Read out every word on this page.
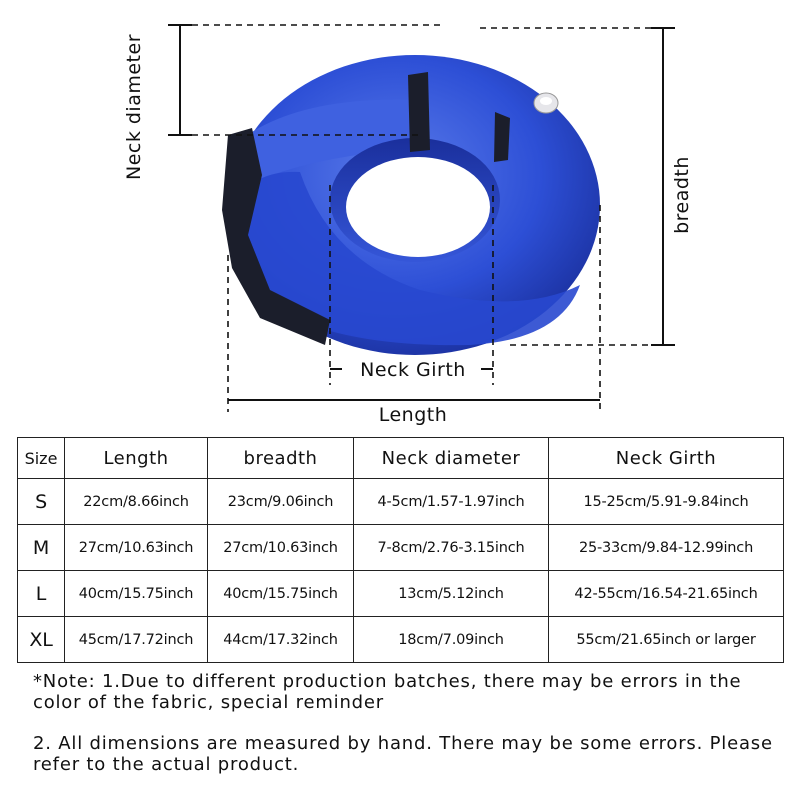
Neck diameter
breadth
Neck Girth
Length
Size	Length	breadth	Neck diameter	Neck Girth
S	22cm/8.66inch	23cm/9.06inch	4-5cm/1.57-1.97inch	15-25cm/5.91-9.84inch
M	27cm/10.63inch	27cm/10.63inch	7-8cm/2.76-3.15inch	25-33cm/9.84-12.99inch
L	40cm/15.75inch	40cm/15.75inch	13cm/5.12inch	42-55cm/16.54-21.65inch
XL	45cm/17.72inch	44cm/17.32inch	18cm/7.09inch	55cm/21.65inch or larger

*Note: 1.Due to different production batches, there may be errors in the color of the fabric, special reminder

2. All dimensions are measured by hand. There may be some errors. Please refer to the actual product.
